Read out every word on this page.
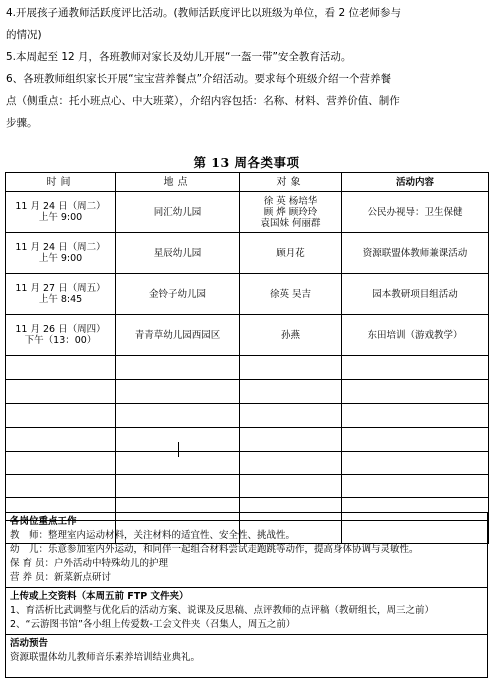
4.开展孩子通教师活跃度评比活动。(教师活跃度评比以班级为单位，看 2 位老师参与

的情况)

5.本周起至 12 月，各班教师对家长及幼儿开展“一盔一带”安全教育活动。

6、各班教师组织家长开展“宝宝营养餐点”介绍活动。要求每个班级介绍一个营养餐

点（侧重点：托小班点心、中大班菜），介绍内容包括：名称、材料、营养价值、制作

步骤。

第 13 周各类事项
时间	地点	对象	活动内容

11 月 24 日（周二）
上午 9:00	同汇幼儿园	徐 英 杨培华
顾 烨 顾玲玲
袁国妹 何丽群	公民办视导：卫生保健

11 月 24 日（周二）
上午 9:00	星辰幼儿园	顾月花	资源联盟体教师兼课活动

11 月 27 日（周五）
上午 8:45	金铃子幼儿园	徐英 吴吉	园本教研项目组活动

11 月 26 日（周四）
下午（13：00）	青青草幼儿园西园区	孙燕	东田培训（游戏教学）

各岗位重点工作
教　师：整理室内运动材料，关注材料的适宜性、安全性、挑战性。
幼　儿：乐意参加室内外运动，和同伴一起组合材料尝试走跑跳等动作，提高身体协调与灵敏性。
保 育 员：户外活动中特殊幼儿的护理
营 养 员：新菜新点研讨

上传或上交资料（本周五前 FTP 文件夹）
1、育活析比武调整与优化后的活动方案、说课及反思稿、点评教师的点评稿（教研组长，周三之前）
2、“云游图书馆”各小组上传爱数-工会文件夹（召集人，周五之前）

活动预告
资源联盟体幼儿教师音乐素养培训结业典礼。
